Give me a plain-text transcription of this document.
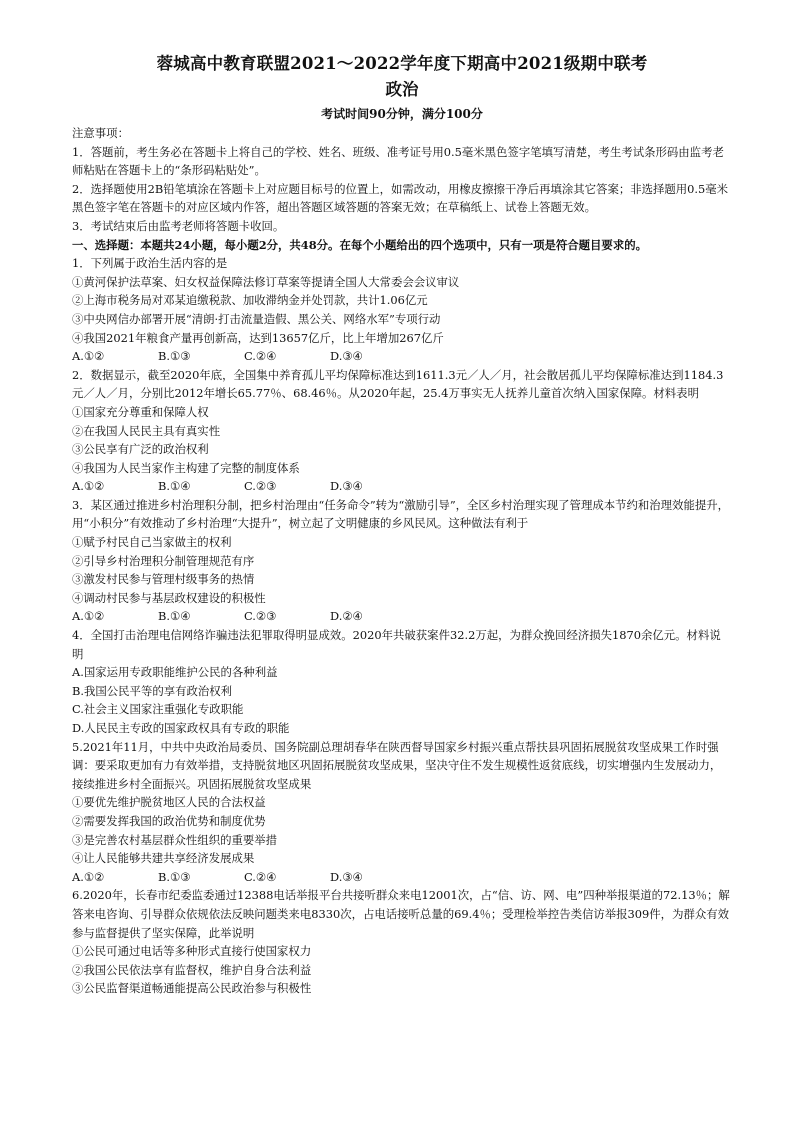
蓉城高中教育联盟2021～2022学年度下期高中2021级期中联考
政治
考试时间90分钟，满分100分

注意事项：

1．答题前，考生务必在答题卡上将自己的学校、姓名、班级、准考证号用0.5毫米黑色签字笔填写清楚，考生考试条形码由监考老师粘贴在答题卡上的“条形码粘贴处”。

2．选择题使用2B铅笔填涂在答题卡上对应题目标号的位置上，如需改动，用橡皮擦擦干净后再填涂其它答案；非选择题用0.5毫米黑色签字笔在答题卡的对应区域内作答，超出答题区域答题的答案无效；在草稿纸上、试卷上答题无效。

3．考试结束后由监考老师将答题卡收回。

一、选择题：本题共24小题，每小题2分，共48分。在每个小题给出的四个选项中，只有一项是符合题目要求的。

1．下列属于政治生活内容的是

①黄河保护法草案、妇女权益保障法修订草案等提请全国人大常委会会议审议

②上海市税务局对邓某追缴税款、加收滞纳金并处罚款，共计1.06亿元

③中央网信办部署开展“清朗·打击流量造假、黑公关、网络水军”专项行动

④我国2021年粮食产量再创新高，达到13657亿斤，比上年增加267亿斤

A.①②	B.①③	C.②④	D.③④

2．数据显示，截至2020年底，全国集中养育孤儿平均保障标准达到1611.3元／人／月，社会散居孤儿平均保障标准达到1184.3元／人／月，分别比2012年增长65.77％、68.46％。从2020年起，25.4万事实无人抚养儿童首次纳入国家保障。材料表明

①国家充分尊重和保障人权

②在我国人民民主具有真实性

③公民享有广泛的政治权利

④我国为人民当家作主构建了完整的制度体系

A.①②	B.①④	C.②③	D.③④

3．某区通过推进乡村治理积分制，把乡村治理由“任务命令”转为“激励引导”，全区乡村治理实现了管理成本节约和治理效能提升，用“小积分”有效推动了乡村治理“大提升”，树立起了文明健康的乡风民风。这种做法有利于

①赋予村民自己当家做主的权利

②引导乡村治理积分制管理规范有序

③激发村民参与管理村级事务的热情

④调动村民参与基层政权建设的积极性

A.①②	B.①④	C.②③	D.②④

4．全国打击治理电信网络诈骗违法犯罪取得明显成效。2020年共破获案件32.2万起，为群众挽回经济损失1870余亿元。材料说明

A.国家运用专政职能维护公民的各种利益

B.我国公民平等的享有政治权利

C.社会主义国家注重强化专政职能

D.人民民主专政的国家政权具有专政的职能

5.2021年11月，中共中央政治局委员、国务院副总理胡春华在陕西督导国家乡村振兴重点帮扶县巩固拓展脱贫攻坚成果工作时强调：要采取更加有力有效举措，支持脱贫地区巩固拓展脱贫攻坚成果，坚决守住不发生规模性返贫底线，切实增强内生发展动力，接续推进乡村全面振兴。巩固拓展脱贫攻坚成果

①要优先维护脱贫地区人民的合法权益

②需要发挥我国的政治优势和制度优势

③是完善农村基层群众性组织的重要举措

④让人民能够共建共享经济发展成果

A.①②	B.①③	C.②④	D.③④

6.2020年，长春市纪委监委通过12388电话举报平台共接听群众来电12001次，占“信、访、网、电”四种举报渠道的72.13％；解答来电咨询、引导群众依规依法反映问题类来电8330次，占电话接听总量的69.4％；受理检举控告类信访举报309件，为群众有效参与监督提供了坚实保障，此举说明

①公民可通过电话等多种形式直接行使国家权力

②我国公民依法享有监督权，维护自身合法利益

③公民监督渠道畅通能提高公民政治参与积极性
